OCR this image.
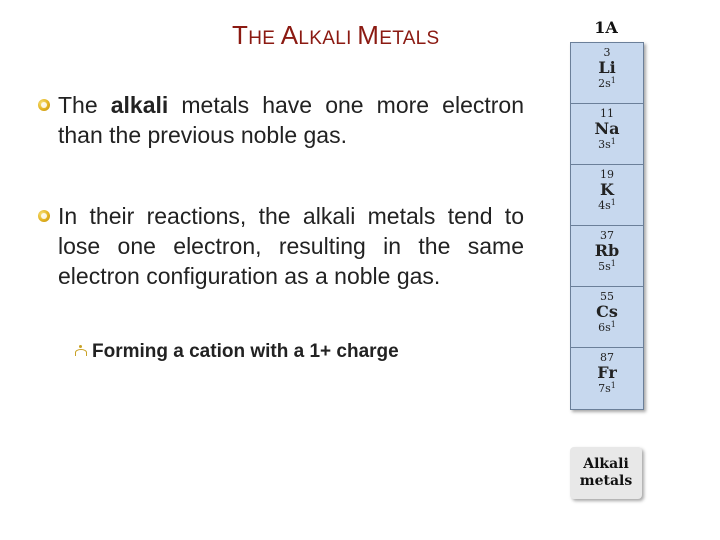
THE ALKALI METALS
The alkali metals have one more electron than the previous noble gas.
In their reactions, the alkali metals tend to lose one electron, resulting in the same electron configuration as a noble gas.
Forming a cation with a 1+ charge
1A
3
Li
$2s^1$
11
Na
$3s^1$
19
K
$4s^1$
37
Rb
$5s^1$
55
Cs
$6s^1$
87
Fr
$7s^1$
Alkali
metals
